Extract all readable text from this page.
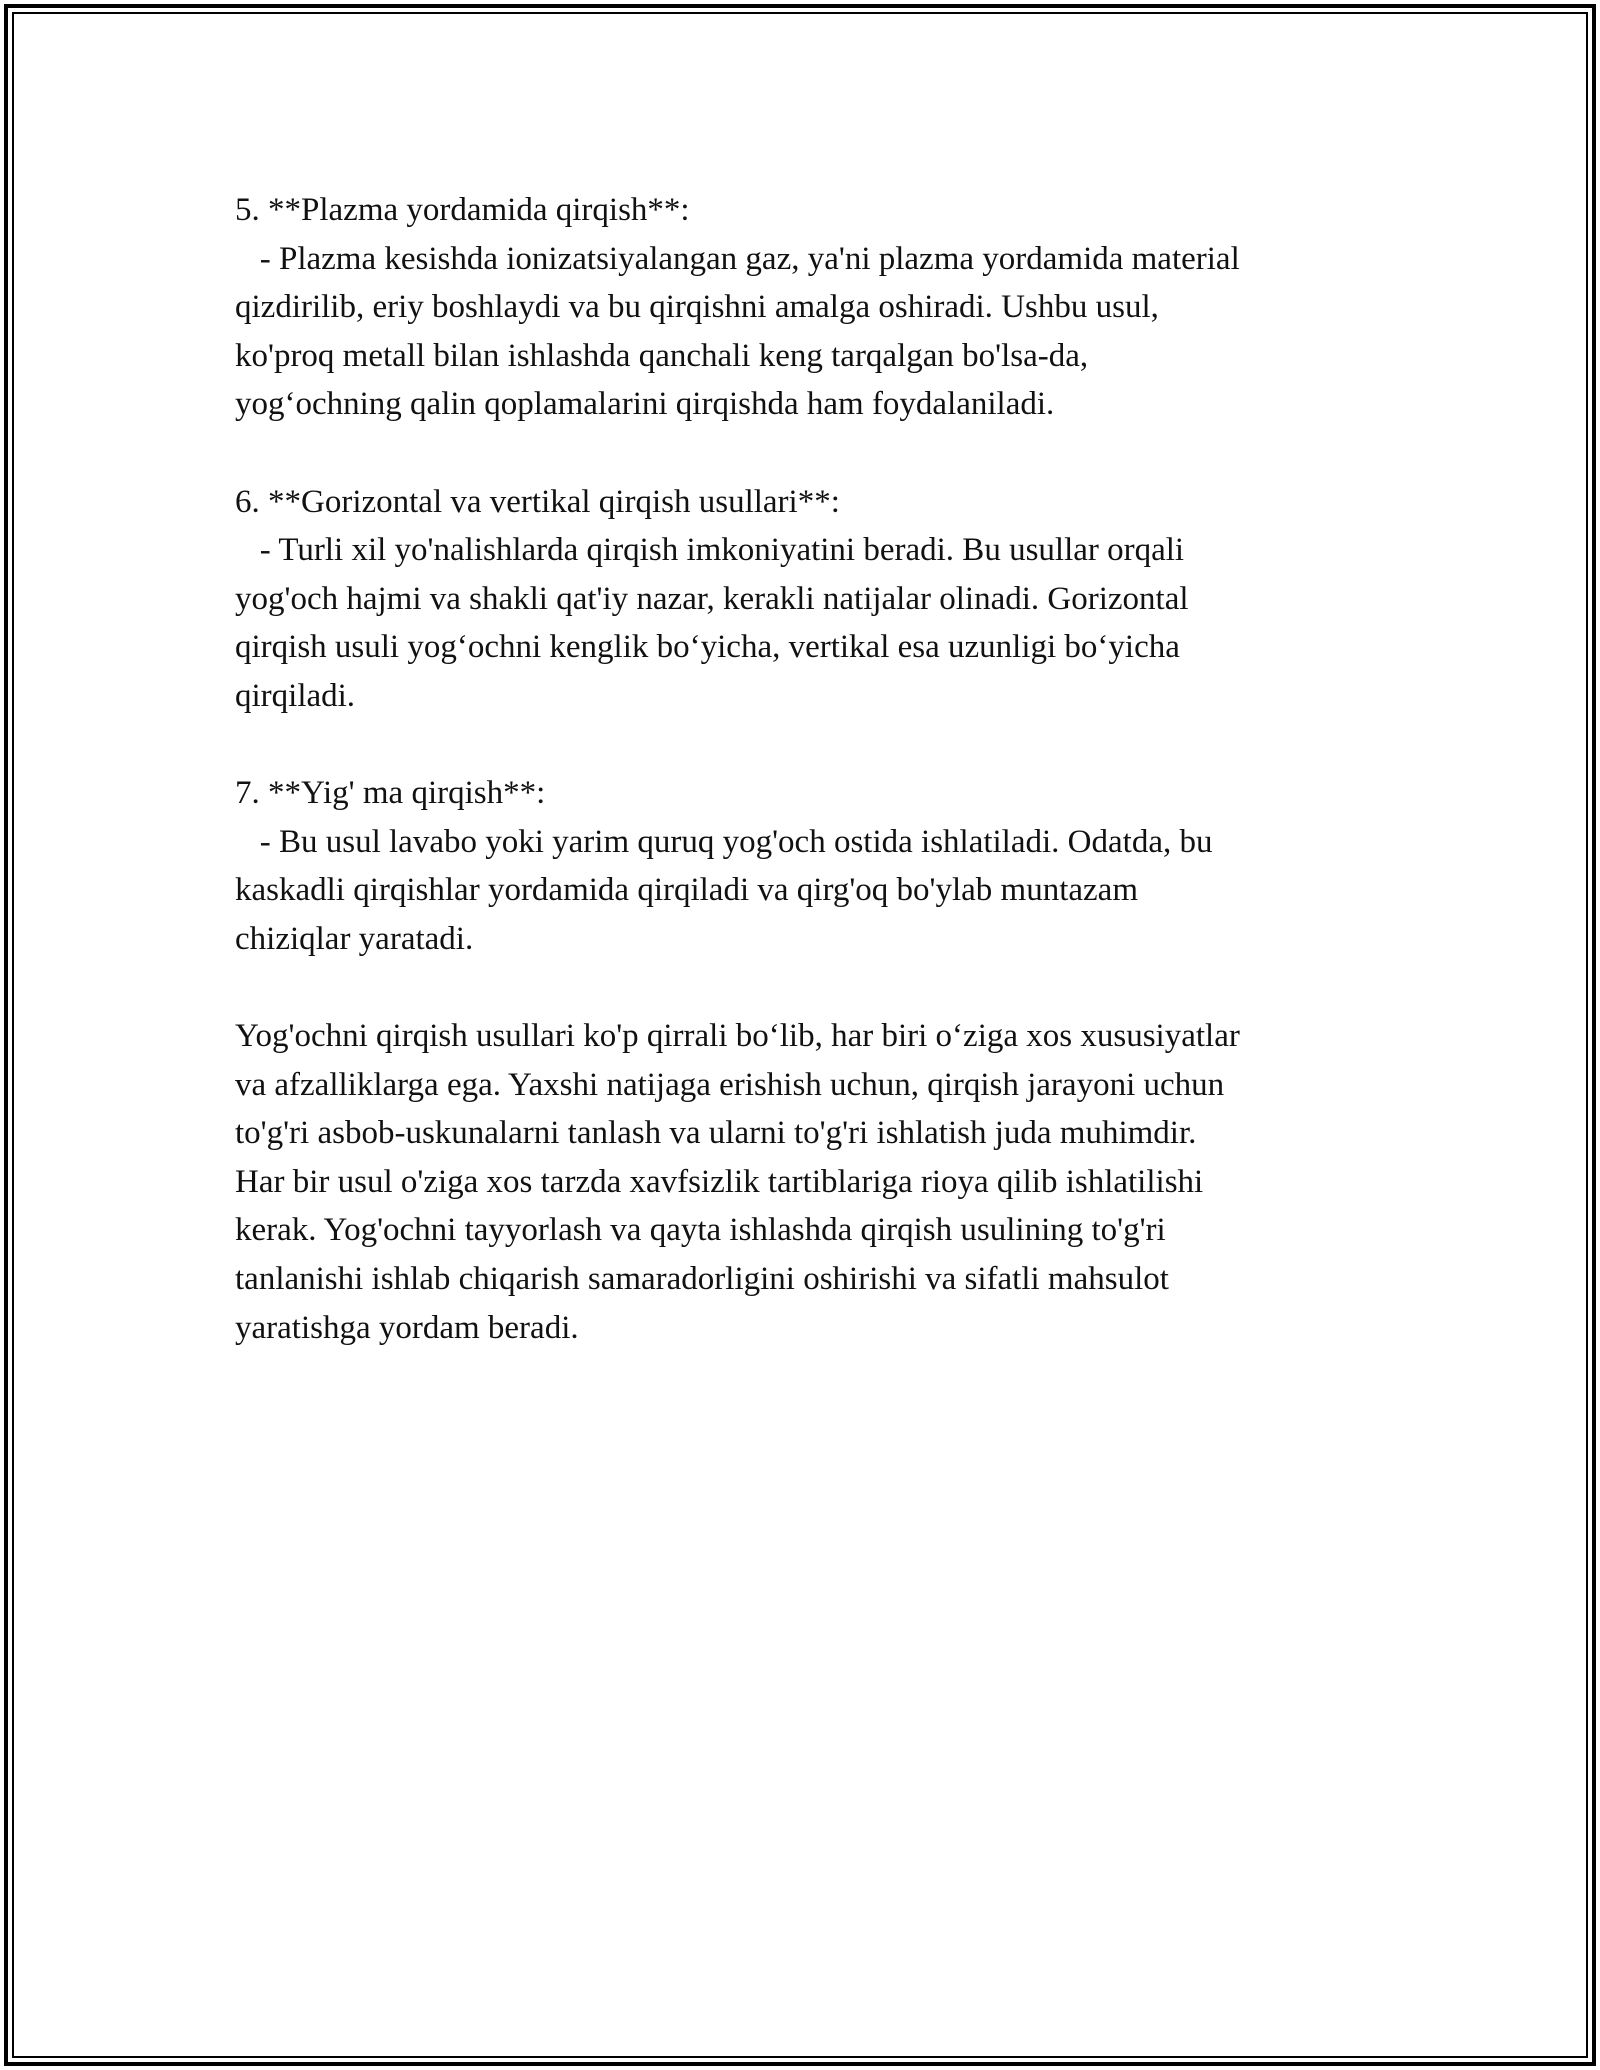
5. **Plazma yordamida qirqish**:

- Plazma kesishda ionizatsiyalangan gaz, ya'ni plazma yordamida material
qizdirilib, eriy boshlaydi va bu qirqishni amalga oshiradi. Ushbu usul,
ko'proq metall bilan ishlashda qanchali keng tarqalgan bo'lsa-da,
yog‘ochning qalin qoplamalarini qirqishda ham foydalaniladi.

6. **Gorizontal va vertikal qirqish usullari**:

- Turli xil yo'nalishlarda qirqish imkoniyatini beradi. Bu usullar orqali
yog'och hajmi va shakli qat'iy nazar, kerakli natijalar olinadi. Gorizontal
qirqish usuli yog‘ochni kenglik bo‘yicha, vertikal esa uzunligi bo‘yicha
qirqiladi.

7. **Yig' ma qirqish**:

- Bu usul lavabo yoki yarim quruq yog'och ostida ishlatiladi. Odatda, bu
kaskadli qirqishlar yordamida qirqiladi va qirg'oq bo'ylab muntazam
chiziqlar yaratadi.

Yog'ochni qirqish usullari ko'p qirrali bo‘lib, har biri o‘ziga xos xususiyatlar
va afzalliklarga ega. Yaxshi natijaga erishish uchun, qirqish jarayoni uchun
to'g'ri asbob-uskunalarni tanlash va ularni to'g'ri ishlatish juda muhimdir.
Har bir usul o'ziga xos tarzda xavfsizlik tartiblariga rioya qilib ishlatilishi
kerak. Yog'ochni tayyorlash va qayta ishlashda qirqish usulining to'g'ri
tanlanishi ishlab chiqarish samaradorligini oshirishi va sifatli mahsulot
yaratishga yordam beradi.
